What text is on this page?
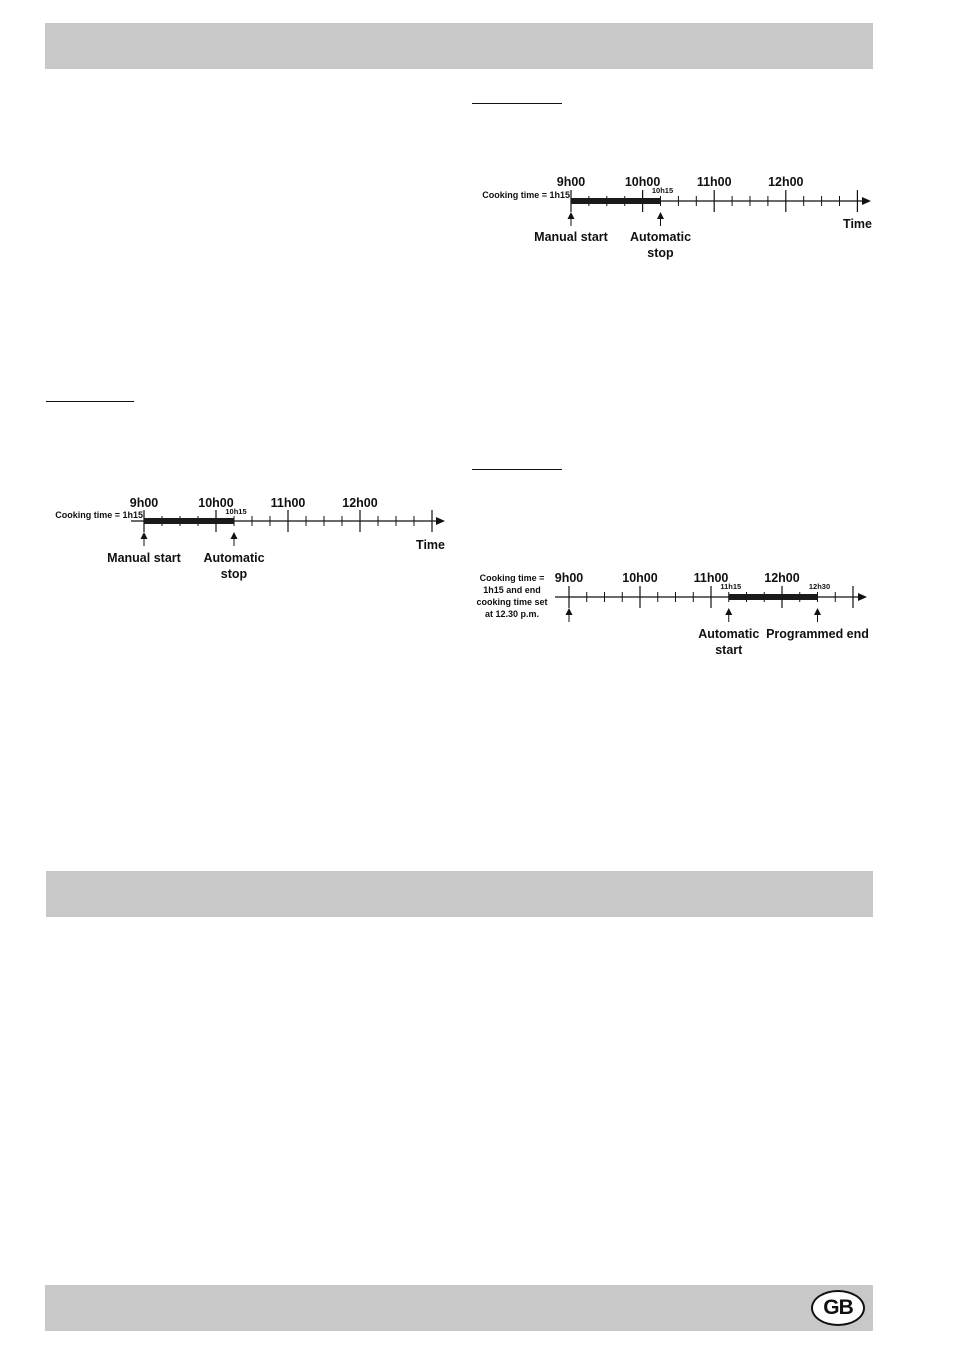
9h00	10h00	11h00	12h00
10h15
Cooking time = 1h15
Time
Manual start Automatic
stop
9h00	10h00	11h00	12h00
10h15
Cooking time = 1h15
Time
Manual start Automatic
stop
9h00	10h00	11h00	12h00
11h15	12h30
Cooking time =
1h15 and end
cooking time set
at 12.30 p.m.
Automatic
start
Programmed end
GB
